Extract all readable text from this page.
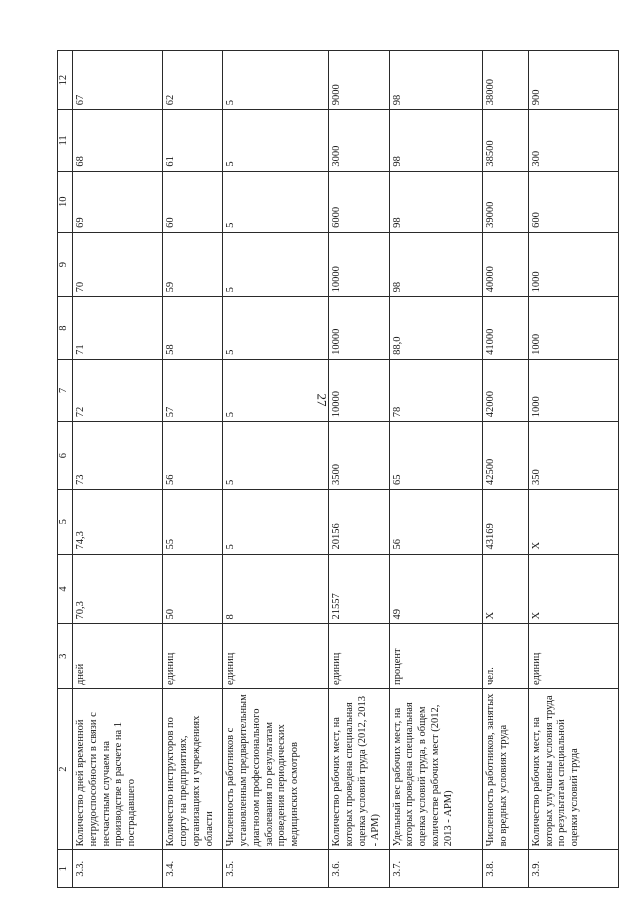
27
1	2	3	4	5	6	7	8	9	10	11	12
3.3.	Количество дней временной нетрудоспособности в связи с несчастным случаем на производстве в расчете на 1 пострадавшего	дней	70,3	74,3	73	72	71	70	69	68	67
3.4.	Количество инструкторов по спорту на предприятиях, организациях и учреждениях области	единиц	50	55	56	57	58	59	60	61	62
3.5.	Численность работников с установленным предварительным диагнозом профессионального заболевания по результатам проведения периодических медицинских осмотров	единиц	8	5	5	5	5	5	5	5	5
3.6.	Количество рабочих мест, на которых проведена специальная оценка условий труда (2012, 2013 - АРМ)	единиц	21557	20156	3500	10000	10000	10000	6000	3000	9000
3.7.	Удельный вес рабочих мест, на которых проведена специальная оценка условий труда, в общем количестве рабочих мест (2012, 2013 - АРМ)	процент	49	56	65	78	88,0	98	98	98	98
3.8.	Численность работников, занятых во вредных условиях труда	чел.	Х	43169	42500	42000	41000	40000	39000	38500	38000
3.9.	Количество рабочих мест, на которых улучшены условия труда по результатам специальной оценки условий труда	единиц	Х	Х	350	1000	1000	1000	600	300	900
